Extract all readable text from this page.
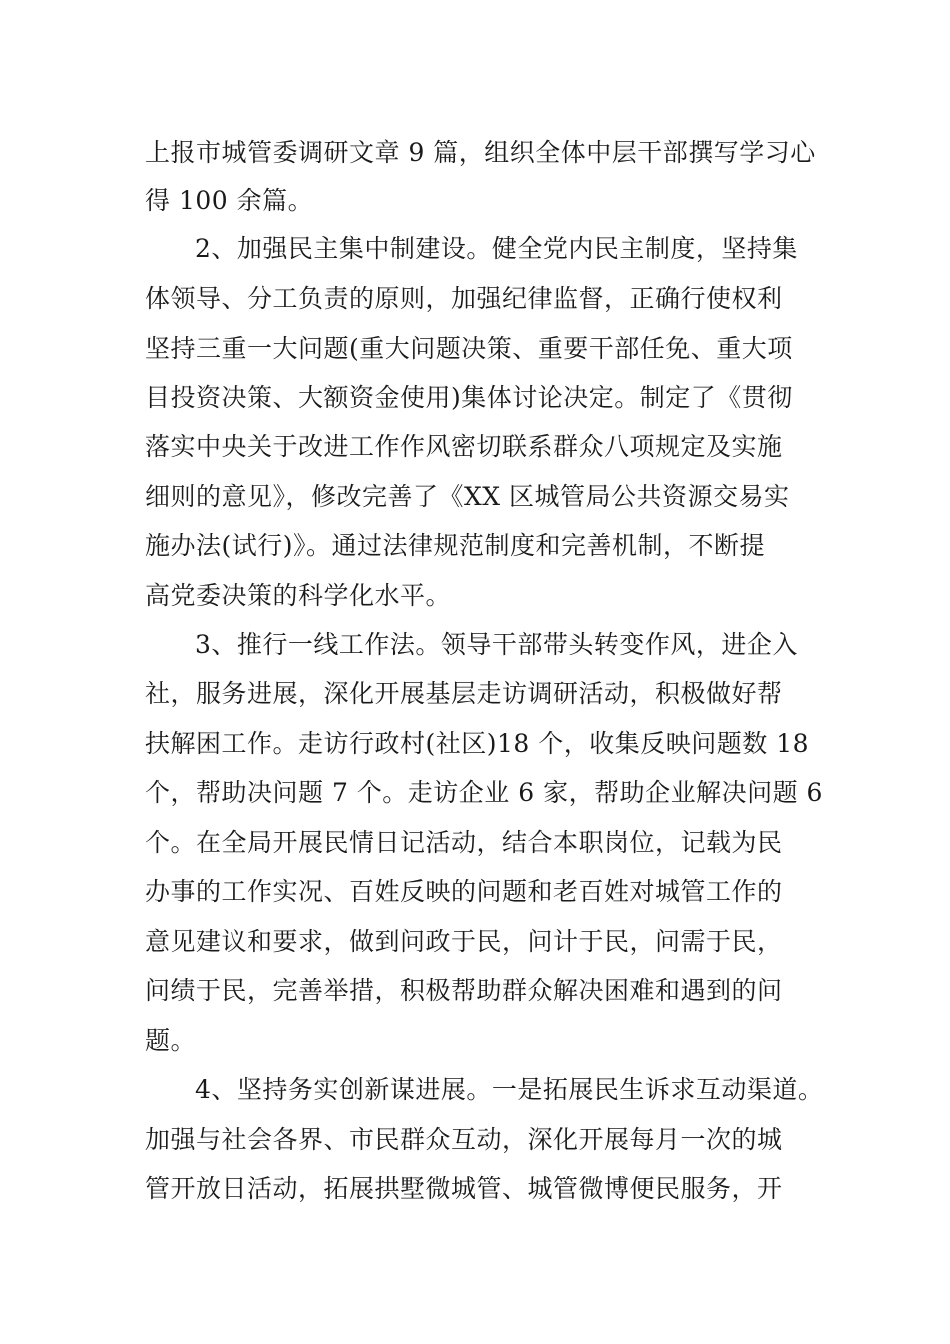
上报市城管委调研文章 9 篇，组织全体中层干部撰写学习心
得 100 余篇。
2、加强民主集中制建设。健全党内民主制度，坚持集
体领导、分工负责的原则，加强纪律监督，正确行使权利
坚持三重一大问题(重大问题决策、重要干部任免、重大项
目投资决策、大额资金使用)集体讨论决定。制定了《贯彻
落实中央关于改进工作作风密切联系群众八项规定及实施
细则的意见》，修改完善了《XX 区城管局公共资源交易实
施办法(试行)》。通过法律规范制度和完善机制，不断提
高党委决策的科学化水平。
3、推行一线工作法。领导干部带头转变作风，进企入
社，服务进展，深化开展基层走访调研活动，积极做好帮
扶解困工作。走访行政村(社区)18 个，收集反映问题数 18
个，帮助决问题 7 个。走访企业 6 家，帮助企业解决问题 6
个。在全局开展民情日记活动，结合本职岗位，记载为民
办事的工作实况、百姓反映的问题和老百姓对城管工作的
意见建议和要求，做到问政于民，问计于民，问需于民，
问绩于民，完善举措，积极帮助群众解决困难和遇到的问
题。
4、坚持务实创新谋进展。一是拓展民生诉求互动渠道。
加强与社会各界、市民群众互动，深化开展每月一次的城
管开放日活动，拓展拱墅微城管、城管微博便民服务，开
